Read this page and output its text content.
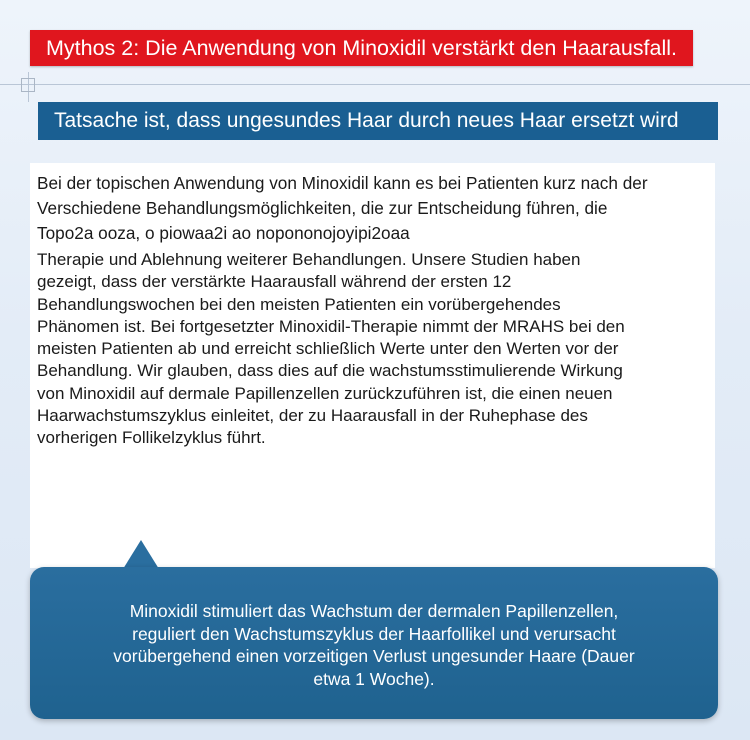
Mythos 2: Die Anwendung von Minoxidil verstärkt den Haarausfall.
Tatsache ist, dass ungesundes Haar durch neues Haar ersetzt wird

Bei der topischen Anwendung von Minoxidil kann es bei Patienten kurz nach der

Verschiedene Behandlungsmöglichkeiten, die zur Entscheidung führen, die

Topo2a ooza, o piowaa2i ao nopononojoyipi2oaa

Therapie und Ablehnung weiterer Behandlungen. Unsere Studien haben
gezeigt, dass der verstärkte Haarausfall während der ersten 12
Behandlungswochen bei den meisten Patienten ein vorübergehendes
Phänomen ist. Bei fortgesetzter Minoxidil-Therapie nimmt der MRAHS bei den
meisten Patienten ab und erreicht schließlich Werte unter den Werten vor der
Behandlung. Wir glauben, dass dies auf die wachstumsstimulierende Wirkung
von Minoxidil auf dermale Papillenzellen zurückzuführen ist, die einen neuen
Haarwachstumszyklus einleitet, der zu Haarausfall in der Ruhephase des
vorherigen Follikelzyklus führt.
Minoxidil stimuliert das Wachstum der dermalen Papillenzellen,
reguliert den Wachstumszyklus der Haarfollikel und verursacht
vorübergehend einen vorzeitigen Verlust ungesunder Haare (Dauer
etwa 1 Woche).
